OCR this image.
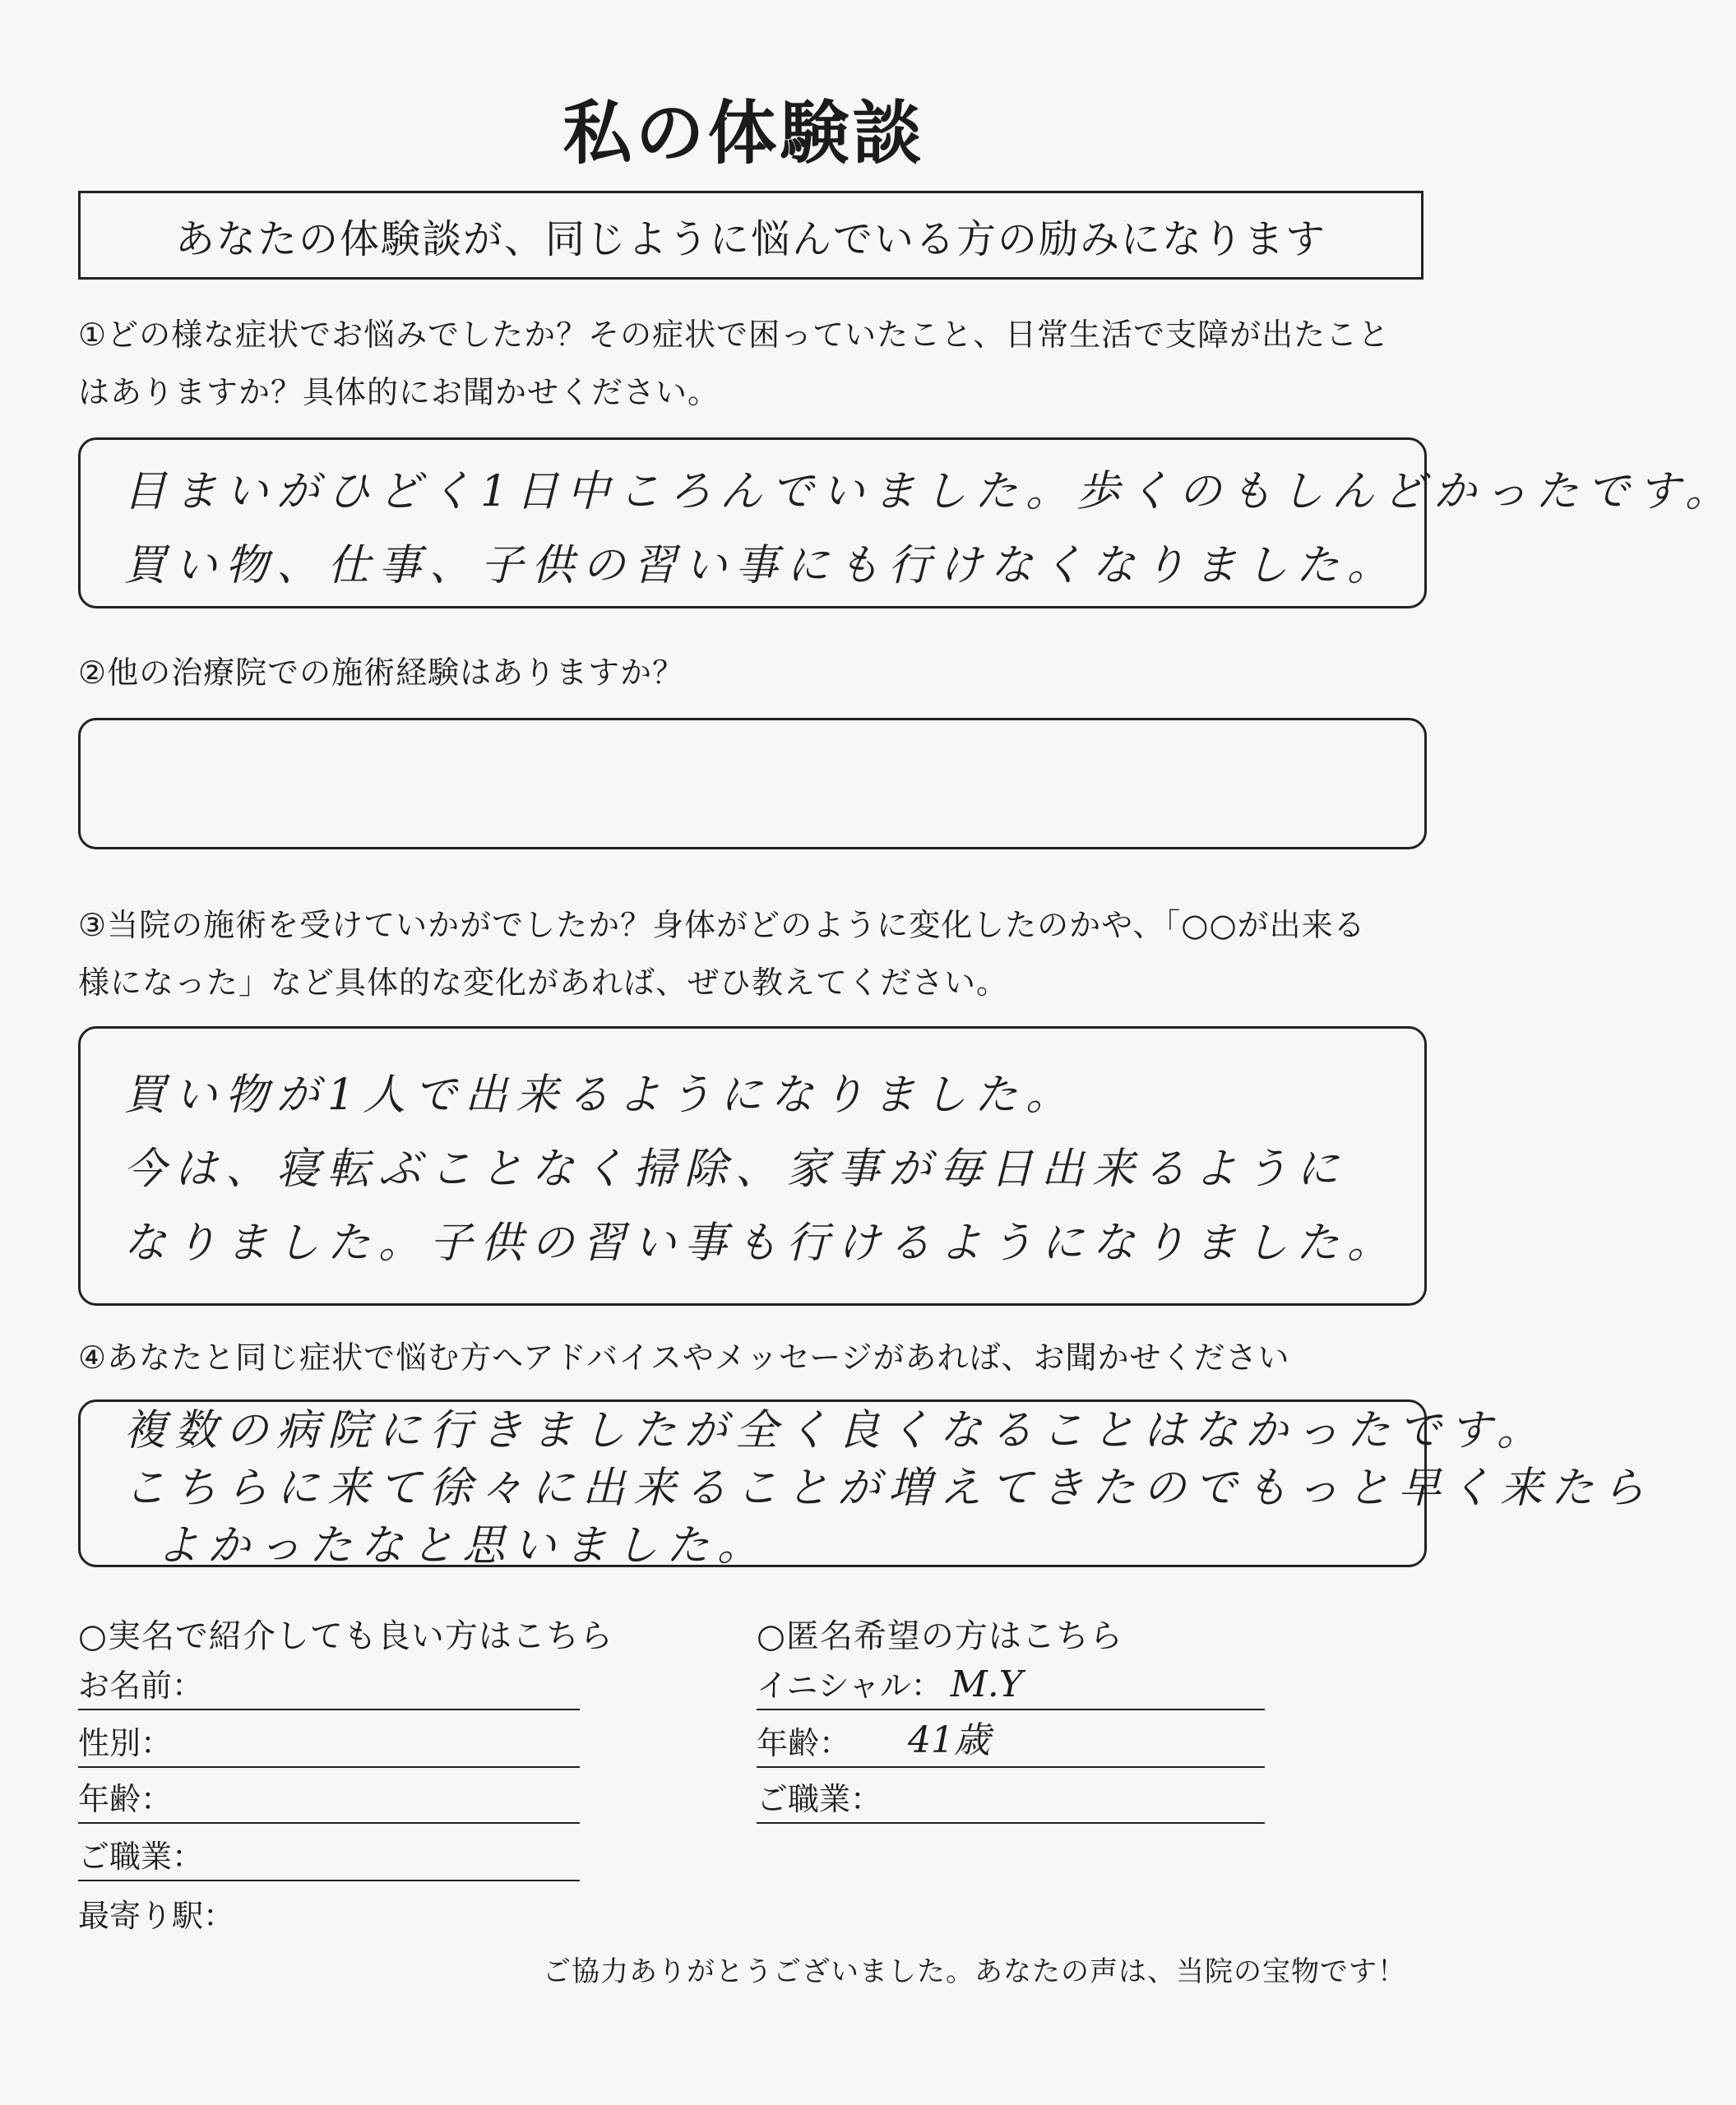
私の体験談
あなたの体験談が、同じように悩んでいる方の励みになります
①どの様な症状でお悩みでしたか？その症状で困っていたこと、日常生活で支障が出たこと
はありますか？具体的にお聞かせください。
目まいがひどく1日中ころんでいました。歩くのもしんどかったです。
買い物、仕事、子供の習い事にも行けなくなりました。
②他の治療院での施術経験はありますか？
③当院の施術を受けていかがでしたか？身体がどのように変化したのかや、「○○が出来る
様になった」など具体的な変化があれば、ぜひ教えてください。
買い物が1人で出来るようになりました。
今は、寝転ぶことなく掃除、家事が毎日出来るように
なりました。子供の習い事も行けるようになりました。
④あなたと同じ症状で悩む方へアドバイスやメッセージがあれば、お聞かせください
複数の病院に行きましたが全く良くなることはなかったです。
こちらに来て徐々に出来ることが増えてきたのでもっと早く来たら
よかったなと思いました。
○実名で紹介しても良い方はこちら
お名前：
性別：
年齢：
ご職業：
最寄り駅：
○匿名希望の方はこちら
イニシャル： M.Y
年齢： 41歳
ご職業：
ご協力ありがとうございました。あなたの声は、当院の宝物です！
